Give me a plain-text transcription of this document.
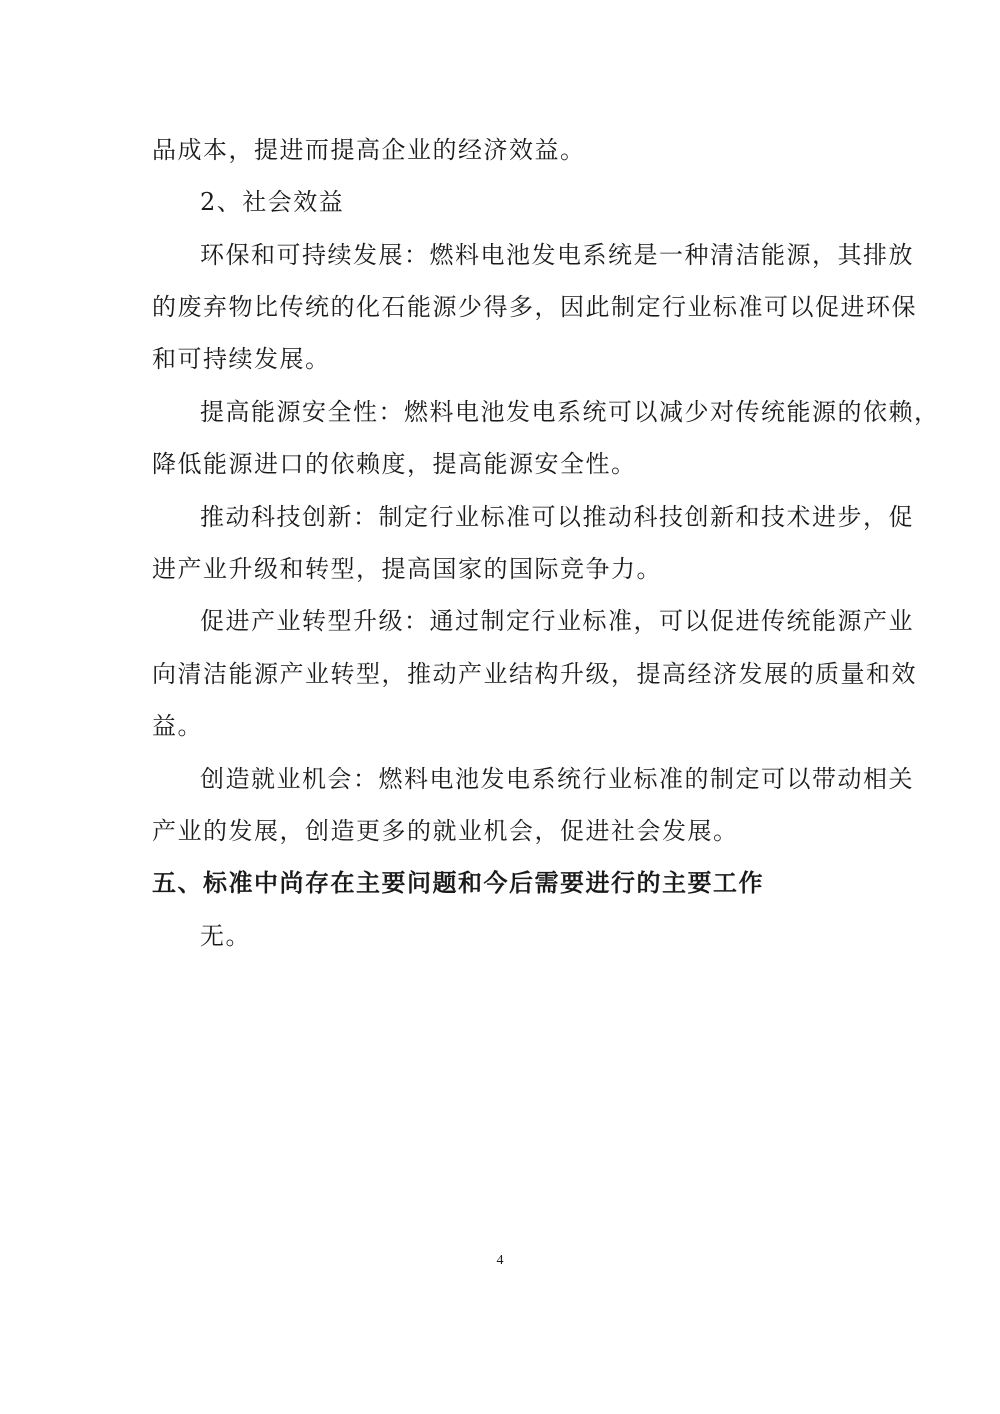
品成本，提进而提高企业的经济效益。
2、社会效益
环保和可持续发展：燃料电池发电系统是一种清洁能源，其排放
的废弃物比传统的化石能源少得多，因此制定行业标准可以促进环保
和可持续发展。
提高能源安全性：燃料电池发电系统可以减少对传统能源的依赖，
降低能源进口的依赖度，提高能源安全性。
推动科技创新：制定行业标准可以推动科技创新和技术进步，促
进产业升级和转型，提高国家的国际竞争力。
促进产业转型升级：通过制定行业标准，可以促进传统能源产业
向清洁能源产业转型，推动产业结构升级，提高经济发展的质量和效
益。
创造就业机会：燃料电池发电系统行业标准的制定可以带动相关
产业的发展，创造更多的就业机会，促进社会发展。
五、标准中尚存在主要问题和今后需要进行的主要工作
无。
4
